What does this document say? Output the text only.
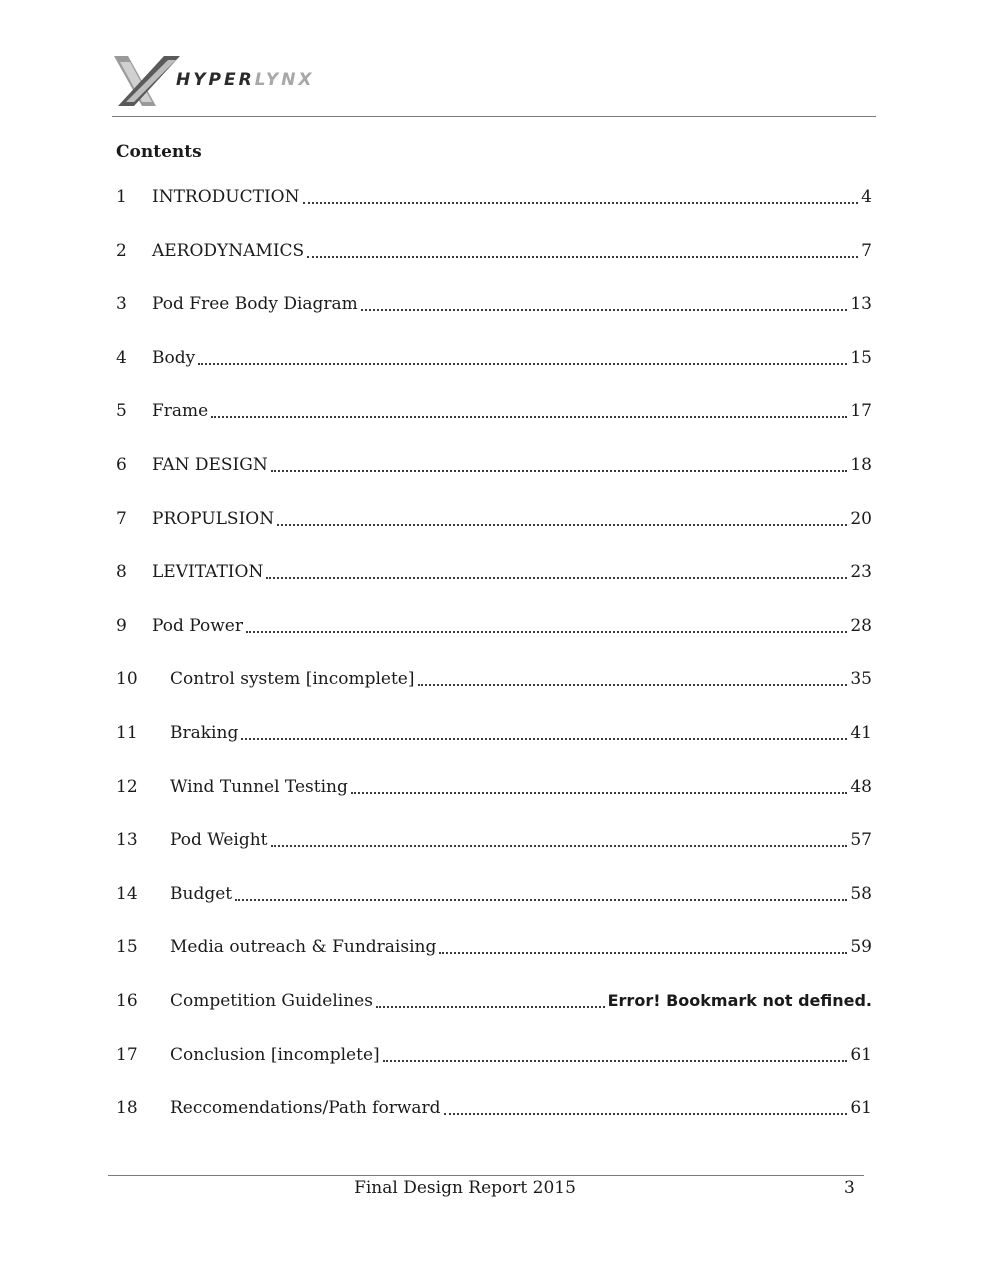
HYPERLYNX
Contents
1	INTRODUCTION	4
2	AERODYNAMICS	7
3	Pod Free Body Diagram	13
4	Body	15
5	Frame	17
6	FAN DESIGN	18
7	PROPULSION	20
8	LEVITATION	23
9	Pod Power	28
10	Control system [incomplete]	35
11	Braking	41
12	Wind Tunnel Testing	48
13	Pod Weight	57
14	Budget	58
15	Media outreach & Fundraising	59
16	Competition Guidelines	Error! Bookmark not defined.
17	Conclusion [incomplete]	61
18	Reccomendations/Path forward	61
Final Design Report 2015	3
